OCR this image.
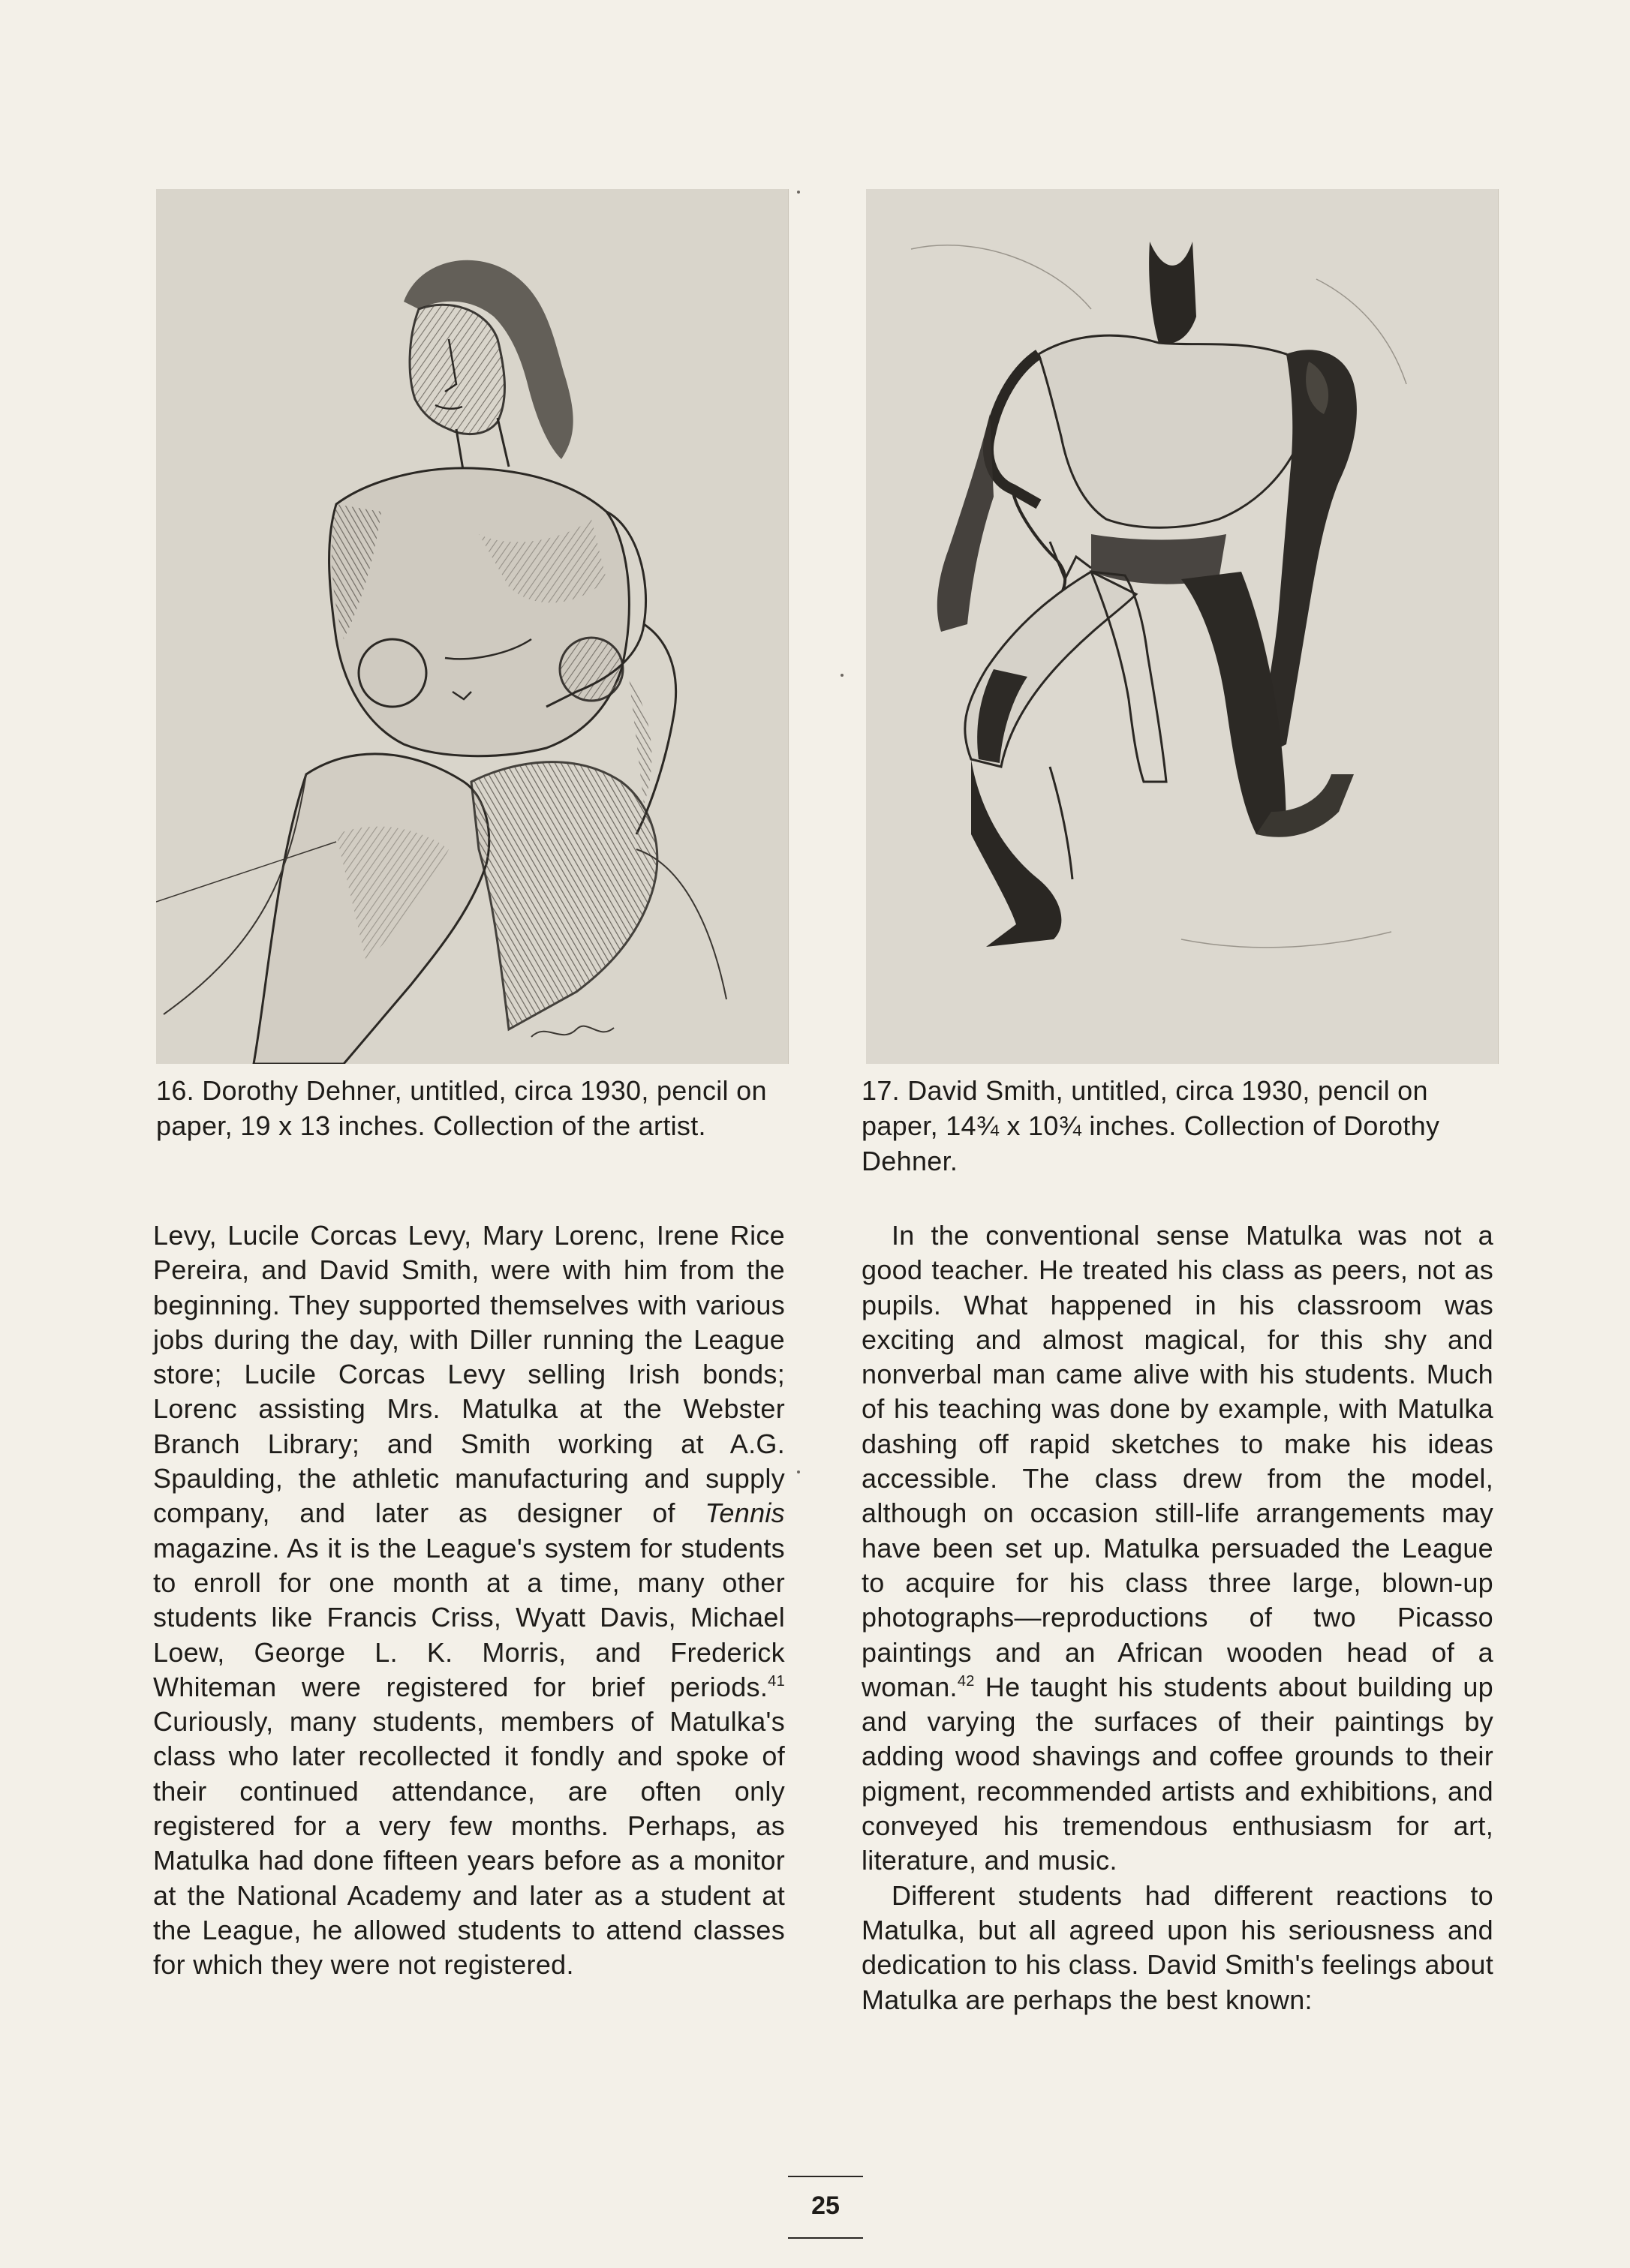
16. Dorothy Dehner, untitled, circa 1930, pencil on paper, 19 x 13 inches. Collection of the artist.
17. David Smith, untitled, circa 1930, pencil on paper, 14¾ x 10¾ inches. Collection of Dorothy Dehner.

Levy, Lucile Corcas Levy, Mary Lorenc, Irene Rice Pereira, and David Smith, were with him from the beginning. They supported themselves with various jobs during the day, with Diller running the League store; Lucile Corcas Levy selling Irish bonds; Lorenc assisting Mrs. Matulka at the Webster Branch Library; and Smith working at A.G. Spaulding, the athletic manufacturing and supply company, and later as designer of Tennis magazine. As it is the League's system for students to enroll for one month at a time, many other students like Francis Criss, Wyatt Davis, Michael Loew, George L. K. Morris, and Frederick Whiteman were registered for brief periods.$^{41}$ Curiously, many students, members of Matulka's class who later recollected it fondly and spoke of their continued attendance, are often only registered for a very few months. Perhaps, as Matulka had done fifteen years before as a monitor at the National Academy and later as a student at the League, he allowed students to attend classes for which they were not registered.

In the conventional sense Matulka was not a good teacher. He treated his class as peers, not as pupils. What happened in his classroom was exciting and almost magical, for this shy and nonverbal man came alive with his students. Much of his teaching was done by example, with Matulka dashing off rapid sketches to make his ideas accessible. The class drew from the model, although on occasion still-life arrangements may have been set up. Matulka persuaded the League to acquire for his class three large, blown-up photographs—reproductions of two Picasso paintings and an African wooden head of a woman.$^{42}$ He taught his students about building up and varying the surfaces of their paintings by adding wood shavings and coffee grounds to their pigment, recommended artists and exhibitions, and conveyed his tremendous enthusiasm for art, literature, and music.

Different students had different reactions to Matulka, but all agreed upon his seriousness and dedication to his class. David Smith's feelings about Matulka are perhaps the best known:

25
